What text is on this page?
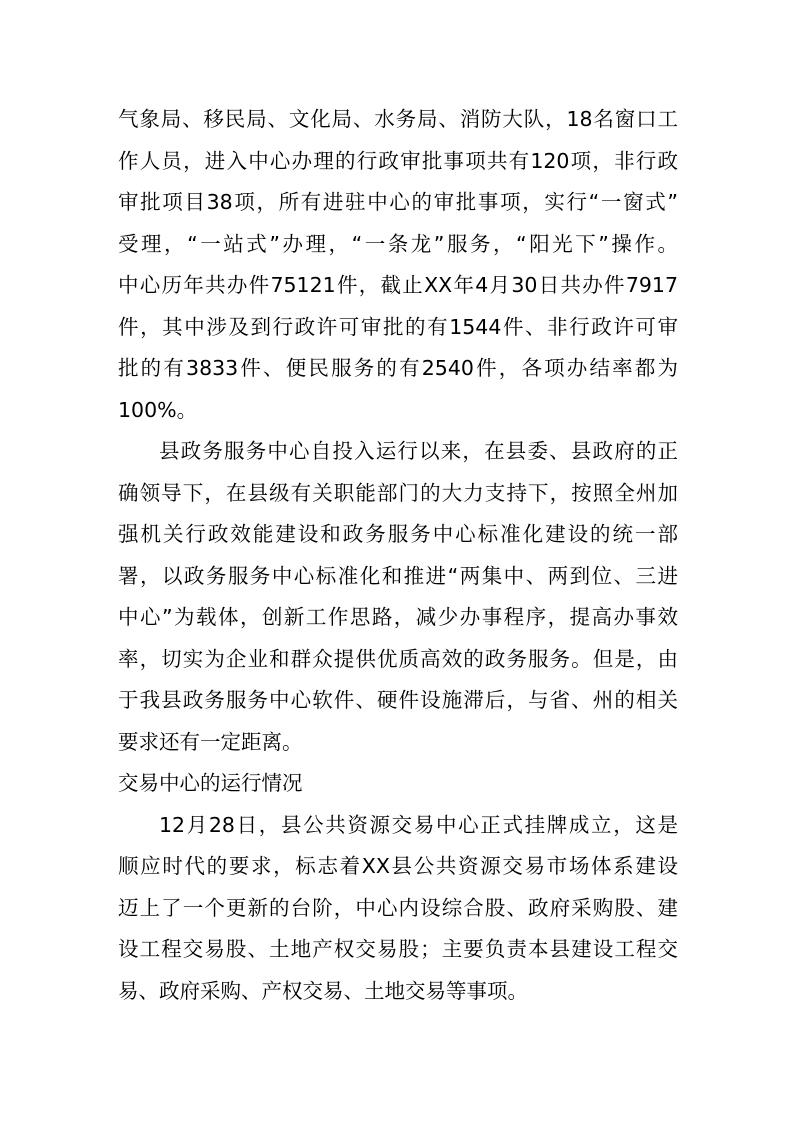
气象局、移民局、文化局、水务局、消防大队，18名窗口工
作人员，进入中心办理的行政审批事项共有120项，非行政
审批项目38项，所有进驻中心的审批事项，实行“一窗式”
受理，“一站式”办理，“一条龙”服务，“阳光下”操作。
中心历年共办件75121件，截止XX年4月30日共办件7917
件，其中涉及到行政许可审批的有1544件、非行政许可审
批的有3833件、便民服务的有2540件，各项办结率都为
100%。
县政务服务中心自投入运行以来，在县委、县政府的正
确领导下，在县级有关职能部门的大力支持下，按照全州加
强机关行政效能建设和政务服务中心标准化建设的统一部
署，以政务服务中心标准化和推进“两集中、两到位、三进
中心”为载体，创新工作思路，减少办事程序，提高办事效
率，切实为企业和群众提供优质高效的政务服务。但是，由
于我县政务服务中心软件、硬件设施滞后，与省、州的相关
要求还有一定距离。
交易中心的运行情况
12月28日，县公共资源交易中心正式挂牌成立，这是
顺应时代的要求，标志着XX县公共资源交易市场体系建设
迈上了一个更新的台阶，中心内设综合股、政府采购股、建
设工程交易股、土地产权交易股；主要负责本县建设工程交
易、政府采购、产权交易、土地交易等事项。
